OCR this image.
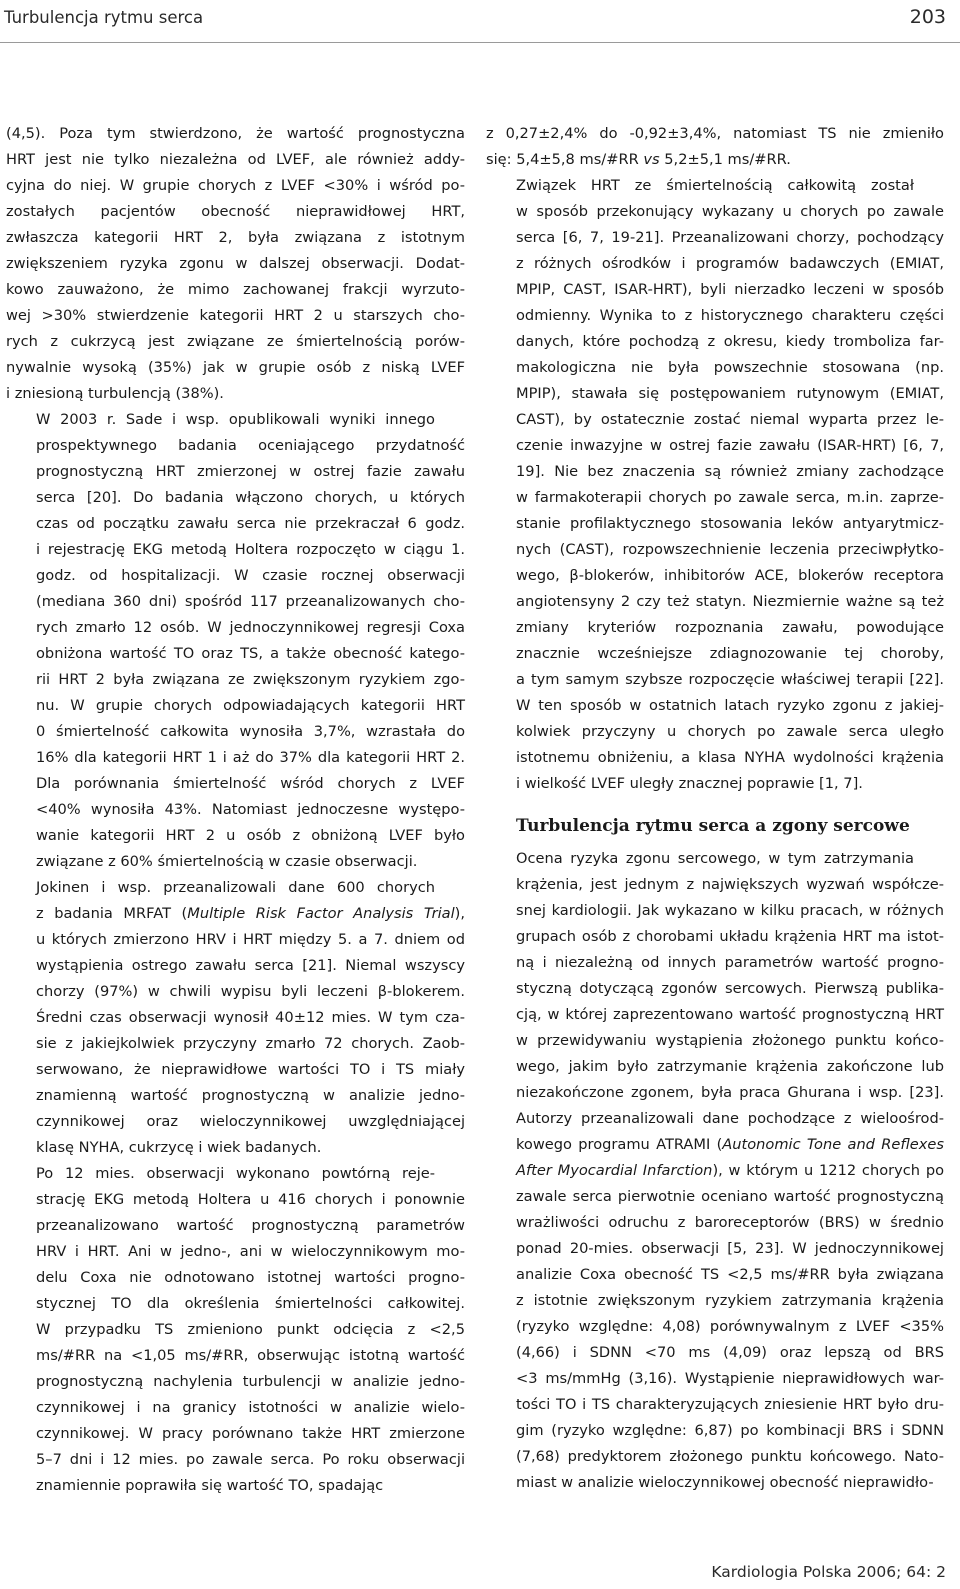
Turbulencja rytmu serca	203

(4,5). Poza tym stwierdzono, że wartość prognostyczna
HRT jest nie tylko niezależna od LVEF, ale również addy-
cyjna do niej. W grupie chorych z LVEF <30% i wśród po-
zostałych pacjentów obecność nieprawidłowej HRT,
zwłaszcza kategorii HRT 2, była związana z istotnym
zwiększeniem ryzyka zgonu w dalszej obserwacji. Dodat-
kowo zauważono, że mimo zachowanej frakcji wyrzuto-
wej >30% stwierdzenie kategorii HRT 2 u starszych cho-
rych z cukrzycą jest związane ze śmiertelnością porów-
nywalnie wysoką (35%) jak w grupie osób z niską LVEF
i zniesioną turbulencją (38%).

W 2003 r. Sade i wsp. opublikowali wyniki innego
prospektywnego badania oceniającego przydatność
prognostyczną HRT zmierzonej w ostrej fazie zawału
serca [20]. Do badania włączono chorych, u których
czas od początku zawału serca nie przekraczał 6 godz.
i rejestrację EKG metodą Holtera rozpoczęto w ciągu 1.
godz. od hospitalizacji. W czasie rocznej obserwacji
(mediana 360 dni) spośród 117 przeanalizowanych cho-
rych zmarło 12 osób. W jednoczynnikowej regresji Coxa
obniżona wartość TO oraz TS, a także obecność katego-
rii HRT 2 była związana ze zwiększonym ryzykiem zgo-
nu. W grupie chorych odpowiadających kategorii HRT
0 śmiertelność całkowita wynosiła 3,7%, wzrastała do
16% dla kategorii HRT 1 i aż do 37% dla kategorii HRT 2.
Dla porównania śmiertelność wśród chorych z LVEF
<40% wynosiła 43%. Natomiast jednoczesne występo-
wanie kategorii HRT 2 u osób z obniżoną LVEF było
związane z 60% śmiertelnością w czasie obserwacji.

Jokinen i wsp. przeanalizowali dane 600 chorych
z badania MRFAT (Multiple Risk Factor Analysis Trial),
u których zmierzono HRV i HRT między 5. a 7. dniem od
wystąpienia ostrego zawału serca [21]. Niemal wszyscy
chorzy (97%) w chwili wypisu byli leczeni β-blokerem.
Średni czas obserwacji wynosił 40±12 mies. W tym cza-
sie z jakiejkolwiek przyczyny zmarło 72 chorych. Zaob-
serwowano, że nieprawidłowe wartości TO i TS miały
znamienną wartość prognostyczną w analizie jedno-
czynnikowej oraz wieloczynnikowej uwzględniającej
klasę NYHA, cukrzycę i wiek badanych.

Po 12 mies. obserwacji wykonano powtórną reje-
strację EKG metodą Holtera u 416 chorych i ponownie
przeanalizowano wartość prognostyczną parametrów
HRV i HRT. Ani w jedno-, ani w wieloczynnikowym mo-
delu Coxa nie odnotowano istotnej wartości progno-
stycznej TO dla określenia śmiertelności całkowitej.
W przypadku TS zmieniono punkt odcięcia z <2,5
ms/#RR na <1,05 ms/#RR, obserwując istotną wartość
prognostyczną nachylenia turbulencji w analizie jedno-
czynnikowej i na granicy istotności w analizie wielo-
czynnikowej. W pracy porównano także HRT zmierzone
5–7 dni i 12 mies. po zawale serca. Po roku obserwacji
znamiennie poprawiła się wartość TO, spadając

z 0,27±2,4% do -0,92±3,4%, natomiast TS nie zmieniło
się: 5,4±5,8 ms/#RR vs 5,2±5,1 ms/#RR.

Związek HRT ze śmiertelnością całkowitą został
w sposób przekonujący wykazany u chorych po zawale
serca [6, 7, 19-21]. Przeanalizowani chorzy, pochodzący
z różnych ośrodków i programów badawczych (EMIAT,
MPIP, CAST, ISAR-HRT), byli nierzadko leczeni w sposób
odmienny. Wynika to z historycznego charakteru części
danych, które pochodzą z okresu, kiedy tromboliza far-
makologiczna nie była powszechnie stosowana (np.
MPIP), stawała się postępowaniem rutynowym (EMIAT,
CAST), by ostatecznie zostać niemal wyparta przez le-
czenie inwazyjne w ostrej fazie zawału (ISAR-HRT) [6, 7,
19]. Nie bez znaczenia są również zmiany zachodzące
w farmakoterapii chorych po zawale serca, m.in. zaprze-
stanie profilaktycznego stosowania leków antyarytmicz-
nych (CAST), rozpowszechnienie leczenia przeciwpłytko-
wego, β-blokerów, inhibitorów ACE, blokerów receptora
angiotensyny 2 czy też statyn. Niezmiernie ważne są też
zmiany kryteriów rozpoznania zawału, powodujące
znacznie wcześniejsze zdiagnozowanie tej choroby,
a tym samym szybsze rozpoczęcie właściwej terapii [22].
W ten sposób w ostatnich latach ryzyko zgonu z jakiej-
kolwiek przyczyny u chorych po zawale serca uległo
istotnemu obniżeniu, a klasa NYHA wydolności krążenia
i wielkość LVEF uległy znacznej poprawie [1, 7].

Turbulencja rytmu serca a zgony sercowe

Ocena ryzyka zgonu sercowego, w tym zatrzymania
krążenia, jest jednym z największych wyzwań współcze-
snej kardiologii. Jak wykazano w kilku pracach, w różnych
grupach osób z chorobami układu krążenia HRT ma istot-
ną i niezależną od innych parametrów wartość progno-
styczną dotyczącą zgonów sercowych. Pierwszą publika-
cją, w której zaprezentowano wartość prognostyczną HRT
w przewidywaniu wystąpienia złożonego punktu końco-
wego, jakim było zatrzymanie krążenia zakończone lub
niezakończone zgonem, była praca Ghurana i wsp. [23].
Autorzy przeanalizowali dane pochodzące z wieloośrod-
kowego programu ATRAMI (Autonomic Tone and Reflexes
After Myocardial Infarction), w którym u 1212 chorych po
zawale serca pierwotnie oceniano wartość prognostyczną
wrażliwości odruchu z baroreceptorów (BRS) w średnio
ponad 20-mies. obserwacji [5, 23]. W jednoczynnikowej
analizie Coxa obecność TS <2,5 ms/#RR była związana
z istotnie zwiększonym ryzykiem zatrzymania krążenia
(ryzyko względne: 4,08) porównywalnym z LVEF <35%
(4,66) i SDNN <70 ms (4,09) oraz lepszą od BRS
<3 ms/mmHg (3,16). Wystąpienie nieprawidłowych war-
tości TO i TS charakteryzujących zniesienie HRT było dru-
gim (ryzyko względne: 6,87) po kombinacji BRS i SDNN
(7,68) predyktorem złożonego punktu końcowego. Nato-
miast w analizie wieloczynnikowej obecność nieprawidło-

Kardiologia Polska 2006; 64: 2
